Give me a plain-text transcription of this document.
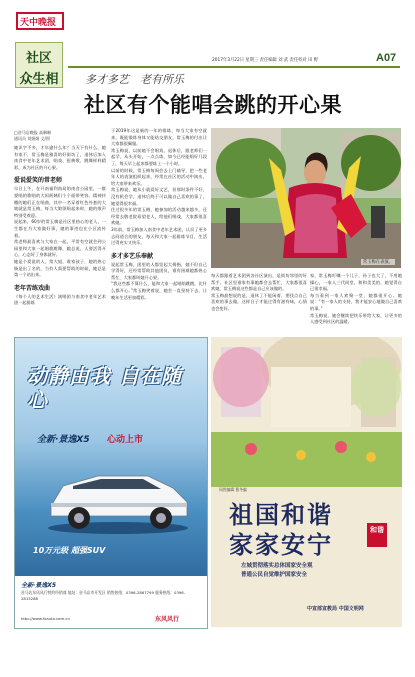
天中晚报
社区
众生相
2017年3月22日 星期三 责任编辑 刘 武 责任校对 田 野	A07
多才多艺　老有所乐
社区有个能唱会跳的开心果
□驻马店晚报 高琳琳
通讯员 刘娟娟 文/图
她识字不多，才年逾什么年？当天下有什么，她有家不，常玉梅是雅喜的好街坊了，退休后加入南食中老年艺术团，唱戏、扭秧歌、跳舞样样精彩，成为社区的开心果。
爱说爱笑的常老师
早日上午，在开南福利南局的南食公园里，一群要唱的歌唱的大妈阿姨们个个面带笑容。精神抖擞的她们正在唱曲，其中一名穿着红色外套的大娘就是常玉梅，每当大娘领唱起来时，她的歌声特别受欢迎。
说起来，60岁的常玉梅是社区里热心的老人，一生都在为大家做好事，她的事迹也在小区流传着。
常老师最喜欢与大家在一起，平常有空就会到公园里和大家一起唱歌跳舞，她总说，人要活得开心，心态好了身体就好。
她是个爱说的人，常大姐，谁家孩子，她的热心肠是出了名的，当有人需要帮助的时候，她总是第一个站出来。
老年苦练戏曲
《每个人的艺术生活》演唱团与南食中老年艺术团一起排练
于2019年这是新的一年的排练，每当大家有空就来，既能锻炼身体又能结交朋友，常玉梅的付出让大家都很佩服。
常玉梅说，以前她不会唱戏，退休后，跟老师们一起学，从头开始，一点点练，如今已经能唱好几段了，每天早上起来都要练上一个小时。
以前的时候，常玉梅每周会去上门辅导，把一些老年人的表演组织起来，经常在社区的活动中演出，给大家带来欢乐。
常玉梅说，她从小就爱好文艺，但那时条件不好，没有机会学，退休后终于可以做自己喜欢的事了，她觉得很幸福。
住过很多年的常玉梅，她参加的活动越来越多，还经常去敬老院看望老人，给他们唱戏，大家都很喜欢她。
3年前，常玉梅加入南食中老年艺术团，认识了更多志同道合的朋友，每天和大家一起排练节目，生活过得充实又快乐。
多才多艺乐奉献
说起常玉梅，团里的人都竖起大拇指，她不但自己学得好，还经常帮助其他团员，谁有困难她都热心帮忙，大家都叫她开心果。
“我这些都不算什么，能和大家一起唱唱跳跳，比什么都开心。”常玉梅笑着说，她会一直坚持下去，让晚年生活更加精彩。
常玉梅在表演。
每天都跟着艺术团到各社区演出，是街坊邻里的好帮手，社区里谁家有事她都会去帮忙，大家都很喜欢她，常玉梅说这些都是自己应该做的。
常玉梅最想说的是，退休了不能闲着，要找点自己喜欢的事去做，这样日子才能过得有滋有味，心情也会变好。
家，常玉梅叮嘱一个儿子、孙子也大了，不用她操心，一家人三代同堂，和和美美的，她觉得自己很幸福。
每当看到一家人欢聚一堂，她都很开心。她说：“有一家人的支持，我才能安心地做自己喜欢的事。”
常玉梅说，她会继续把快乐带给大家，让更多的人感受到社区的温暖。
动静由我 自在随心
全新·景逸X5 心动上市
10万元级 超强SUV
全新·景逸X5
驻马店东风风行特约经销商 地址：驻马店市开发区 销售热线：0396-2867799 服务热线：0396-2815288
http://www.fxauto.com.cn	东风风行
同图编辑 曹冬编
祖国和谐
家家安宁
和谐
左城贯彻落实总体国家安全观
普通公民自觉维护国家安全
中宣部宣教局 中国文明网
